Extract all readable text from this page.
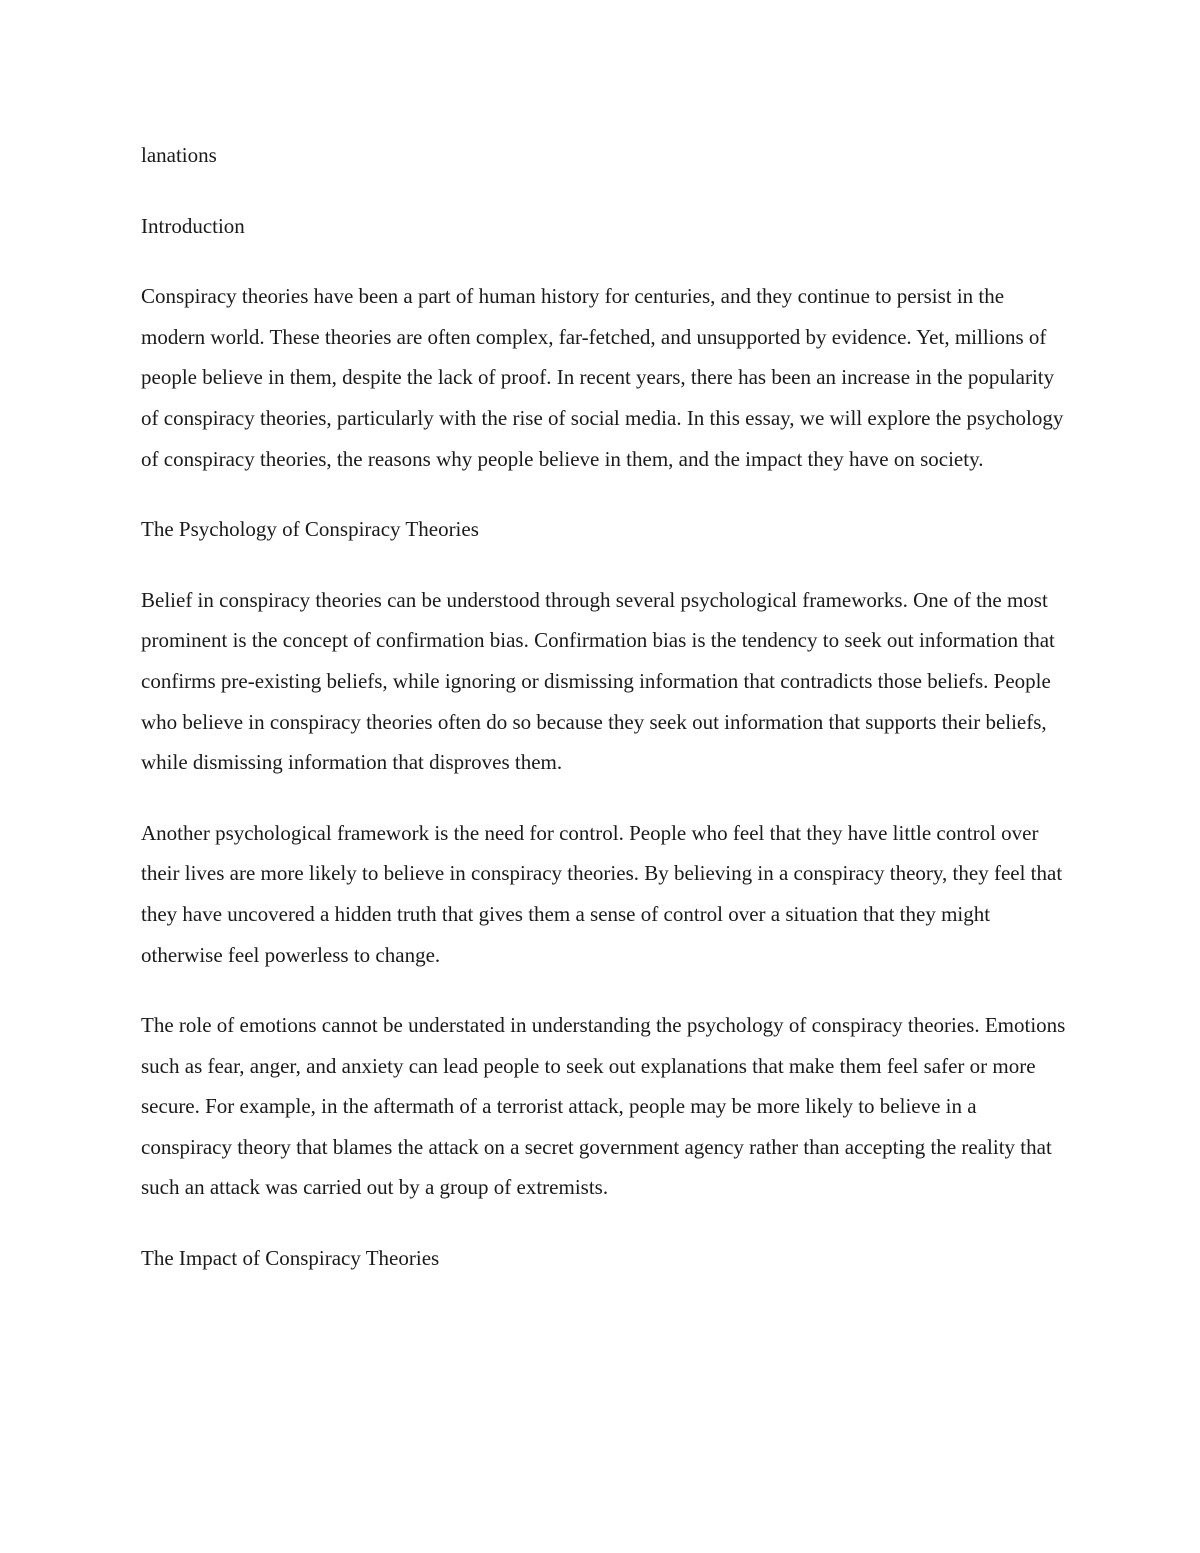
lanations

Introduction

Conspiracy theories have been a part of human history for centuries, and they continue to persist in the modern world. These theories are often complex, far-fetched, and unsupported by evidence. Yet, millions of people believe in them, despite the lack of proof. In recent years, there has been an increase in the popularity of conspiracy theories, particularly with the rise of social media. In this essay, we will explore the psychology of conspiracy theories, the reasons why people believe in them, and the impact they have on society.

The Psychology of Conspiracy Theories

Belief in conspiracy theories can be understood through several psychological frameworks. One of the most prominent is the concept of confirmation bias. Confirmation bias is the tendency to seek out information that confirms pre-existing beliefs, while ignoring or dismissing information that contradicts those beliefs. People who believe in conspiracy theories often do so because they seek out information that supports their beliefs, while dismissing information that disproves them.

Another psychological framework is the need for control. People who feel that they have little control over their lives are more likely to believe in conspiracy theories. By believing in a conspiracy theory, they feel that they have uncovered a hidden truth that gives them a sense of control over a situation that they might otherwise feel powerless to change.

The role of emotions cannot be understated in understanding the psychology of conspiracy theories. Emotions such as fear, anger, and anxiety can lead people to seek out explanations that make them feel safer or more secure. For example, in the aftermath of a terrorist attack, people may be more likely to believe in a conspiracy theory that blames the attack on a secret government agency rather than accepting the reality that such an attack was carried out by a group of extremists.

The Impact of Conspiracy Theories
